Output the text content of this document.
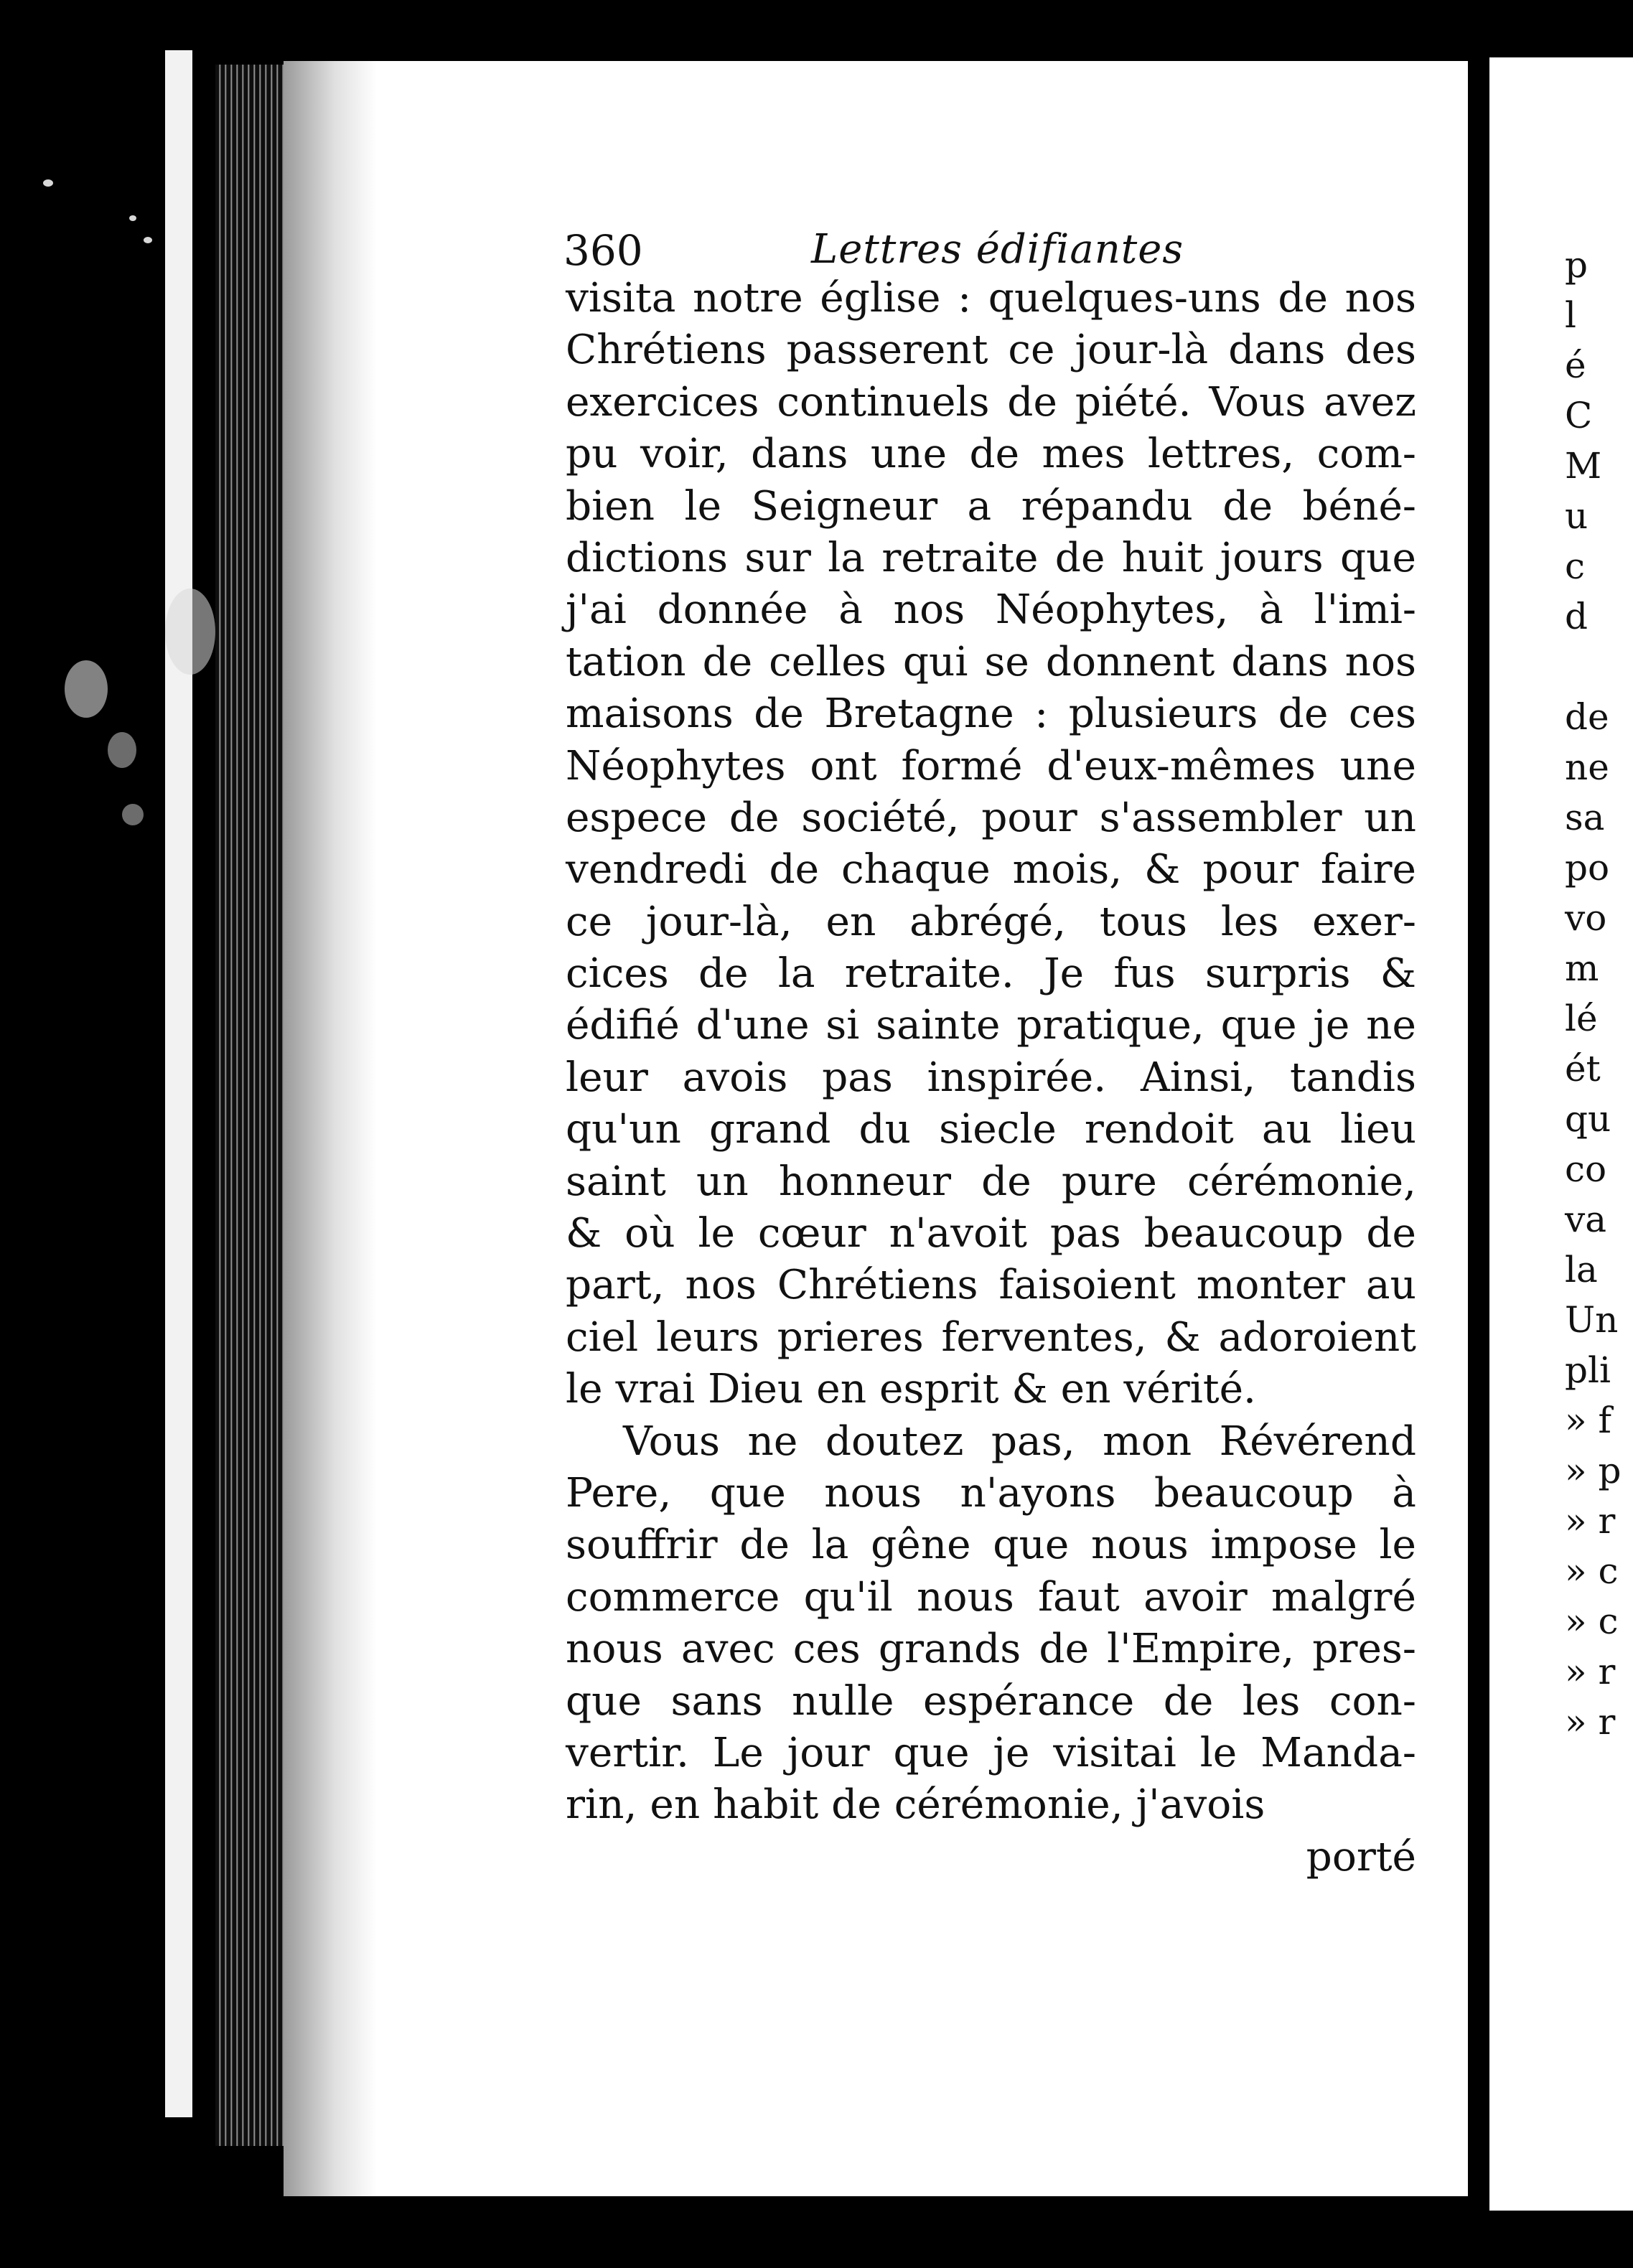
p
l
é
C
M
u
c
d
de
ne
sa
po
vo
m
lé
ét
qu
co
va
la
Un
pli
» f
» p
» r
» c
» c
» r
» r
360	Lettres édifiantes
visita notre église : quelques-uns de nos
Chrétiens passerent ce jour-là dans des
exercices continuels de piété. Vous avez
pu voir, dans une de mes lettres, com-
bien le Seigneur a répandu de béné-
dictions sur la retraite de huit jours que
j'ai donnée à nos Néophytes, à l'imi-
tation de celles qui se donnent dans nos
maisons de Bretagne : plusieurs de ces
Néophytes ont formé d'eux-mêmes une
espece de société, pour s'assembler un
vendredi de chaque mois, & pour faire
ce jour-là, en abrégé, tous les exer-
cices de la retraite. Je fus surpris &
édifié d'une si sainte pratique, que je ne
leur avois pas inspirée. Ainsi, tandis
qu'un grand du siecle rendoit au lieu
saint un honneur de pure cérémonie,
& où le cœur n'avoit pas beaucoup de
part, nos Chrétiens faisoient monter au
ciel leurs prieres ferventes, & adoroient
le vrai Dieu en esprit & en vérité.
Vous ne doutez pas, mon Révérend
Pere, que nous n'ayons beaucoup à
souffrir de la gêne que nous impose le
commerce qu'il nous faut avoir malgré
nous avec ces grands de l'Empire, pres-
que sans nulle espérance de les con-
vertir. Le jour que je visitai le Manda-
rin, en habit de cérémonie, j'avois
porté
